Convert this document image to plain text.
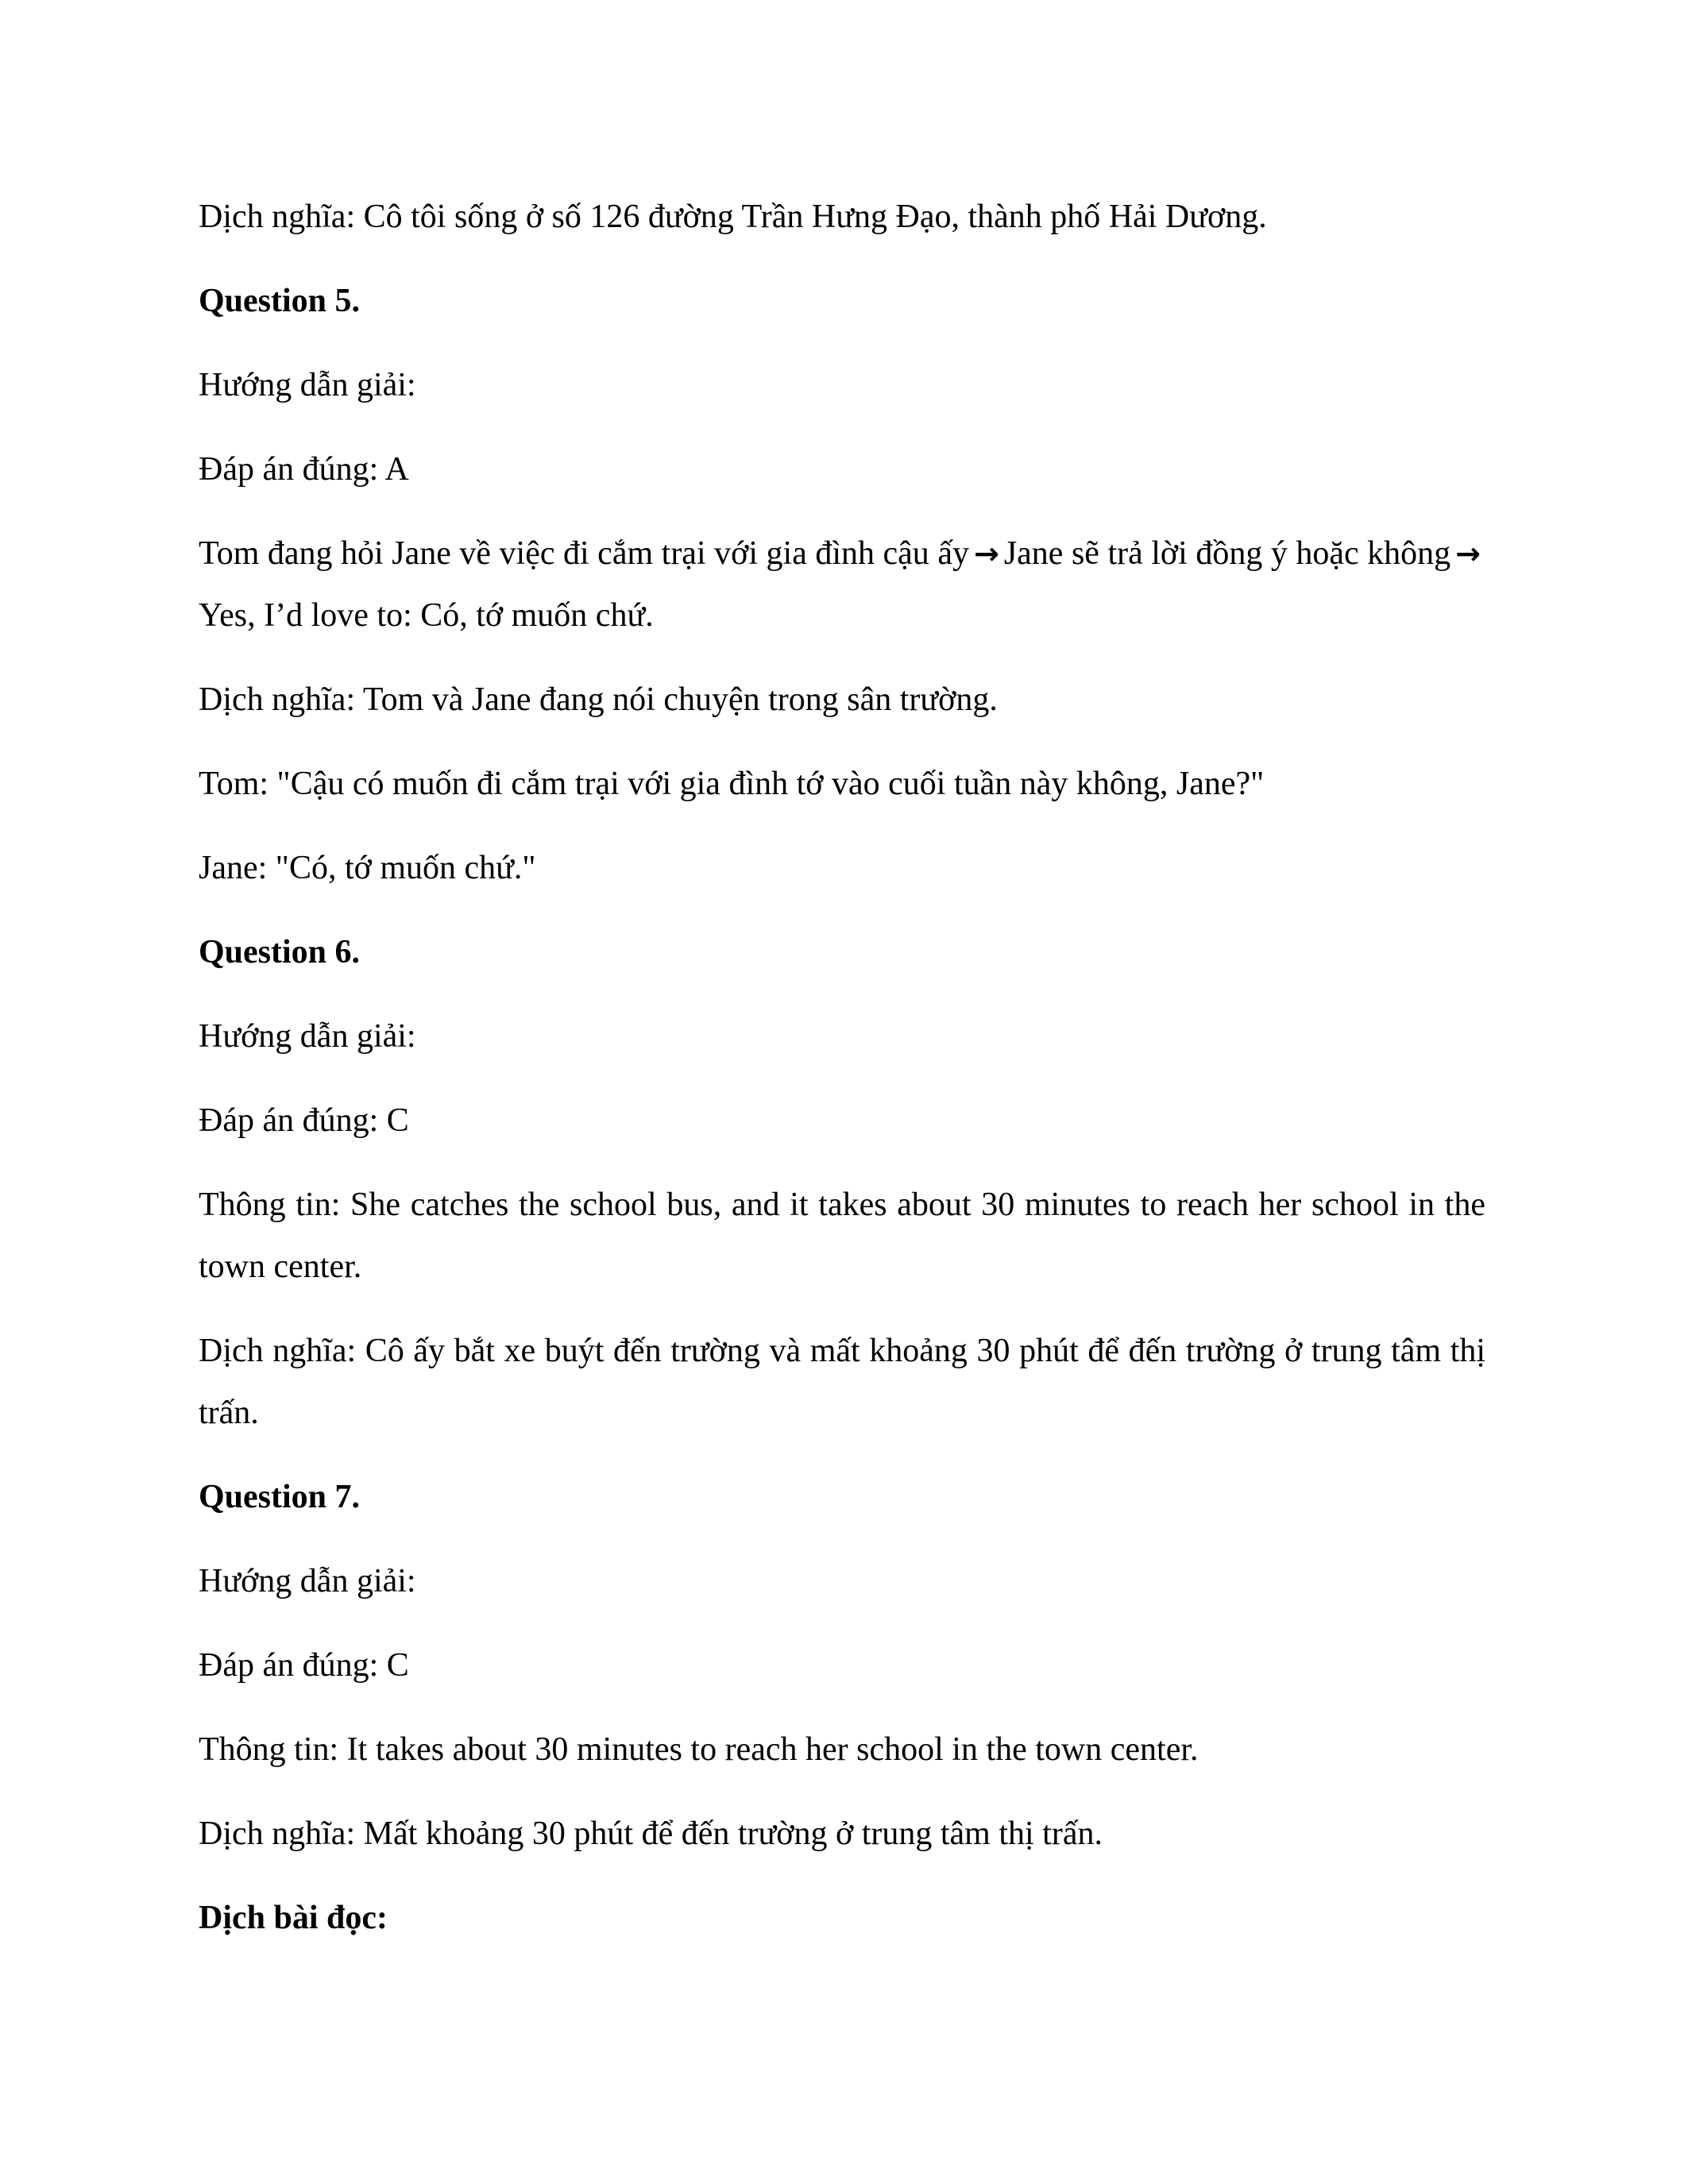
Dịch nghĩa: Cô tôi sống ở số 126 đường Trần Hưng Đạo, thành phố Hải Dương.

Question 5.

Hướng dẫn giải:

Đáp án đúng: A

Tom đang hỏi Jane về việc đi cắm trại với gia đình cậu ấy → Jane sẽ trả lời đồng ý hoặc không →Yes, I’d love to: Có, tớ muốn chứ.

Dịch nghĩa: Tom và Jane đang nói chuyện trong sân trường.

Tom: "Cậu có muốn đi cắm trại với gia đình tớ vào cuối tuần này không, Jane?"

Jane: "Có, tớ muốn chứ."

Question 6.

Hướng dẫn giải:

Đáp án đúng: C

Thông tin: She catches the school bus, and it takes about 30 minutes to reach her school in the town center.

Dịch nghĩa: Cô ấy bắt xe buýt đến trường và mất khoảng 30 phút để đến trường ở trung tâm thị trấn.

Question 7.

Hướng dẫn giải:

Đáp án đúng: C

Thông tin: It takes about 30 minutes to reach her school in the town center.

Dịch nghĩa: Mất khoảng 30 phút để đến trường ở trung tâm thị trấn.

Dịch bài đọc:
